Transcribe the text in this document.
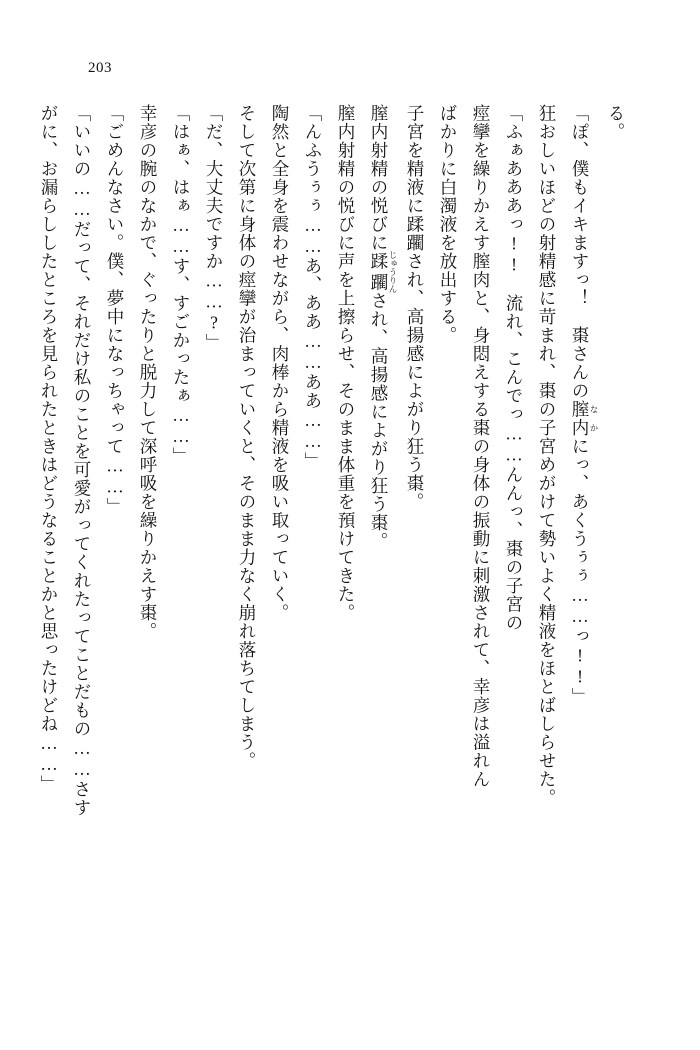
203

る。

「ぽ、僕もイキますっ！　棗さんの膣内 なかにっ、あくうぅぅ……っ!!」

狂おしいほどの射精感に苛まれ、棗の子宮めがけて勢いよく精液をほとばしらせた。

「ふぁあああっ!!　流れ、こんでっ……んんっ、棗の子宮の

痙攣を繰りかえす膣肉と、身悶えする棗の身体の振動に刺激されて、幸彦は溢れん

ばかりに白濁液を放出する。

子宮を精液に蹂躙され、高揚感によがり狂う棗。

膣内射精の悦びに蹂躙 じゅうりんされ、高揚感によがり狂う棗。

膣内射精の悦びに声を上擦らせ、そのまま体重を預けてきた。

「んふうぅぅ……あ、ああ……ああ……」

陶然と全身を震わせながら、肉棒から精液を吸い取っていく。

そして次第に身体の痙攣が治まっていくと、そのまま力なく崩れ落ちてしまう。

「だ、大丈夫ですか……?」

「はぁ、はぁ……す、すごかったぁ……」

幸彦の腕のなかで、ぐったりと脱力して深呼吸を繰りかえす棗。

「ごめんなさい。僕、夢中になっちゃって……」

「いいの……だって、それだけ私のことを可愛がってくれたってことだもの……さす

がに、お漏らししたところを見られたときはどうなることかと思ったけどね……」
